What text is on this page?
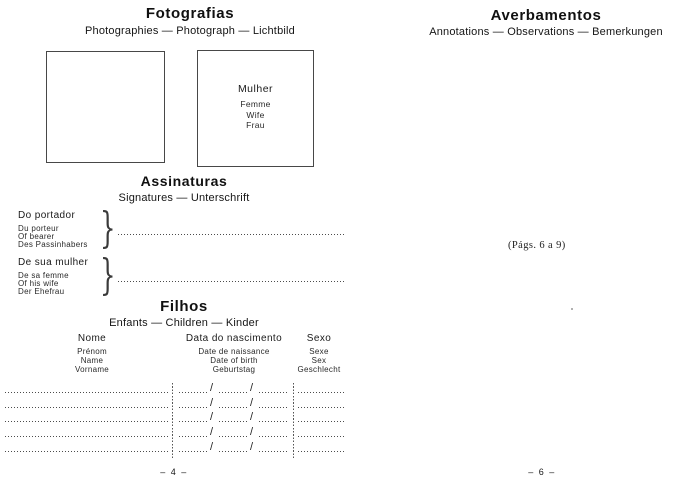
Fotografias
Photographies — Photograph — Lichtbild
Mulher
Femme
Wife
Frau
Assinaturas
Signatures — Unterschrift
Do portador
Du porteur
Of bearer
Des Passinhabers }
De sua mulher
De sa femme
Of his wife
Der Ehefrau }
Filhos
Enfants — Children — Kinder
Nome
Prénom
Name
Vorname
Data do nascimento
Date de naissance
Date of birth
Geburtstag
Sexo
Sexe
Sex
Geschlecht
/	/
/	/
/	/
/	/
/	/
– 4 –
Averbamentos
Annotations — Observations — Bemerkungen
(Págs. 6 a 9)
– 6 –
